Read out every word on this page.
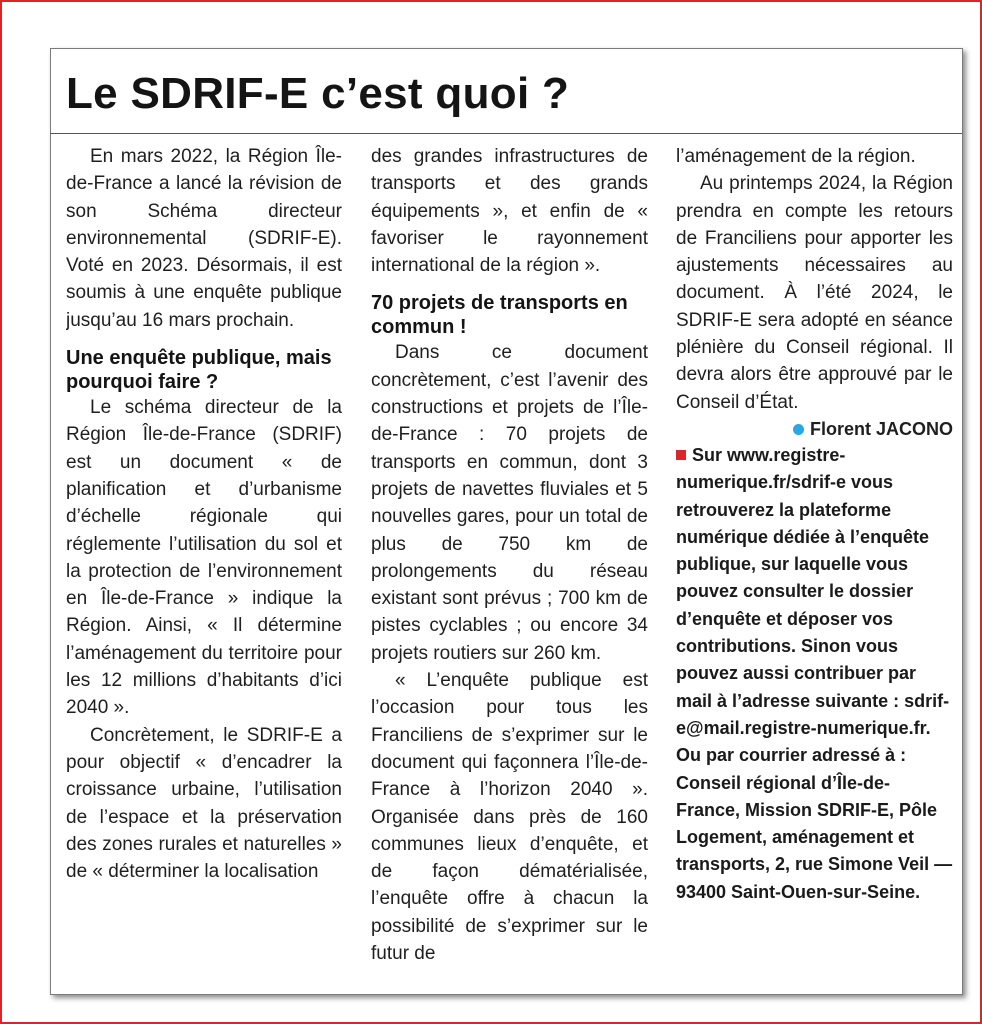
Le SDRIF-E c’est quoi ?

En mars 2022, la Région Île-de-France a lancé la révision de son Schéma directeur environnemental (SDRIF-E). Voté en 2023. Désormais, il est soumis à une enquête publique jusqu’au 16 mars prochain.

Une enquête publique, mais pourquoi faire ?

Le schéma directeur de la Région Île-de-France (SDRIF) est un document « de planification et d’urbanisme d’échelle régionale qui réglemente l’utilisation du sol et la protection de l’environnement en Île-de-France » indique la Région. Ainsi, « Il détermine l’aménagement du territoire pour les 12 millions d’habitants d’ici 2040 ».

Concrètement, le SDRIF-E a pour objectif « d’encadrer la croissance urbaine, l’utilisation de l’espace et la préservation des zones rurales et naturelles » de « déterminer la localisation

des grandes infrastructures de transports et des grands équipements », et enfin de « favoriser le rayonnement international de la région ».

70 projets de transports en commun !

Dans ce document concrètement, c’est l’avenir des constructions et projets de l’Île-de-France : 70 projets de transports en commun, dont 3 projets de navettes fluviales et 5 nouvelles gares, pour un total de plus de 750 km de prolongements du réseau existant sont prévus ; 700 km de pistes cyclables ; ou encore 34 projets routiers sur 260 km.

« L’enquête publique est l’occasion pour tous les Franciliens de s’exprimer sur le document qui façonnera l’Île-de-France à l’horizon 2040 ». Organisée dans près de 160 communes lieux d’enquête, et de façon dématérialisée, l’enquête offre à chacun la possibilité de s’exprimer sur le futur de

l’aménagement de la région.

Au printemps 2024, la Région prendra en compte les retours de Franciliens pour apporter les ajustements nécessaires au document. À l’été 2024, le SDRIF-E sera adopté en séance plénière du Conseil régional. Il devra alors être approuvé par le Conseil d’État.

Florent JACONO

Sur www.registre-numerique.fr/sdrif-e vous retrouverez la plateforme numérique dédiée à l’enquête publique, sur laquelle vous pouvez consulter le dossier d’enquête et déposer vos contributions. Sinon vous pouvez aussi contribuer par mail à l’adresse suivante : sdrif-e@mail.registre-numerique.fr. Ou par courrier adressé à : Conseil régional d’Île-de-France, Mission SDRIF-E, Pôle Logement, aménagement et transports, 2, rue Simone Veil — 93400 Saint-Ouen-sur-Seine.
